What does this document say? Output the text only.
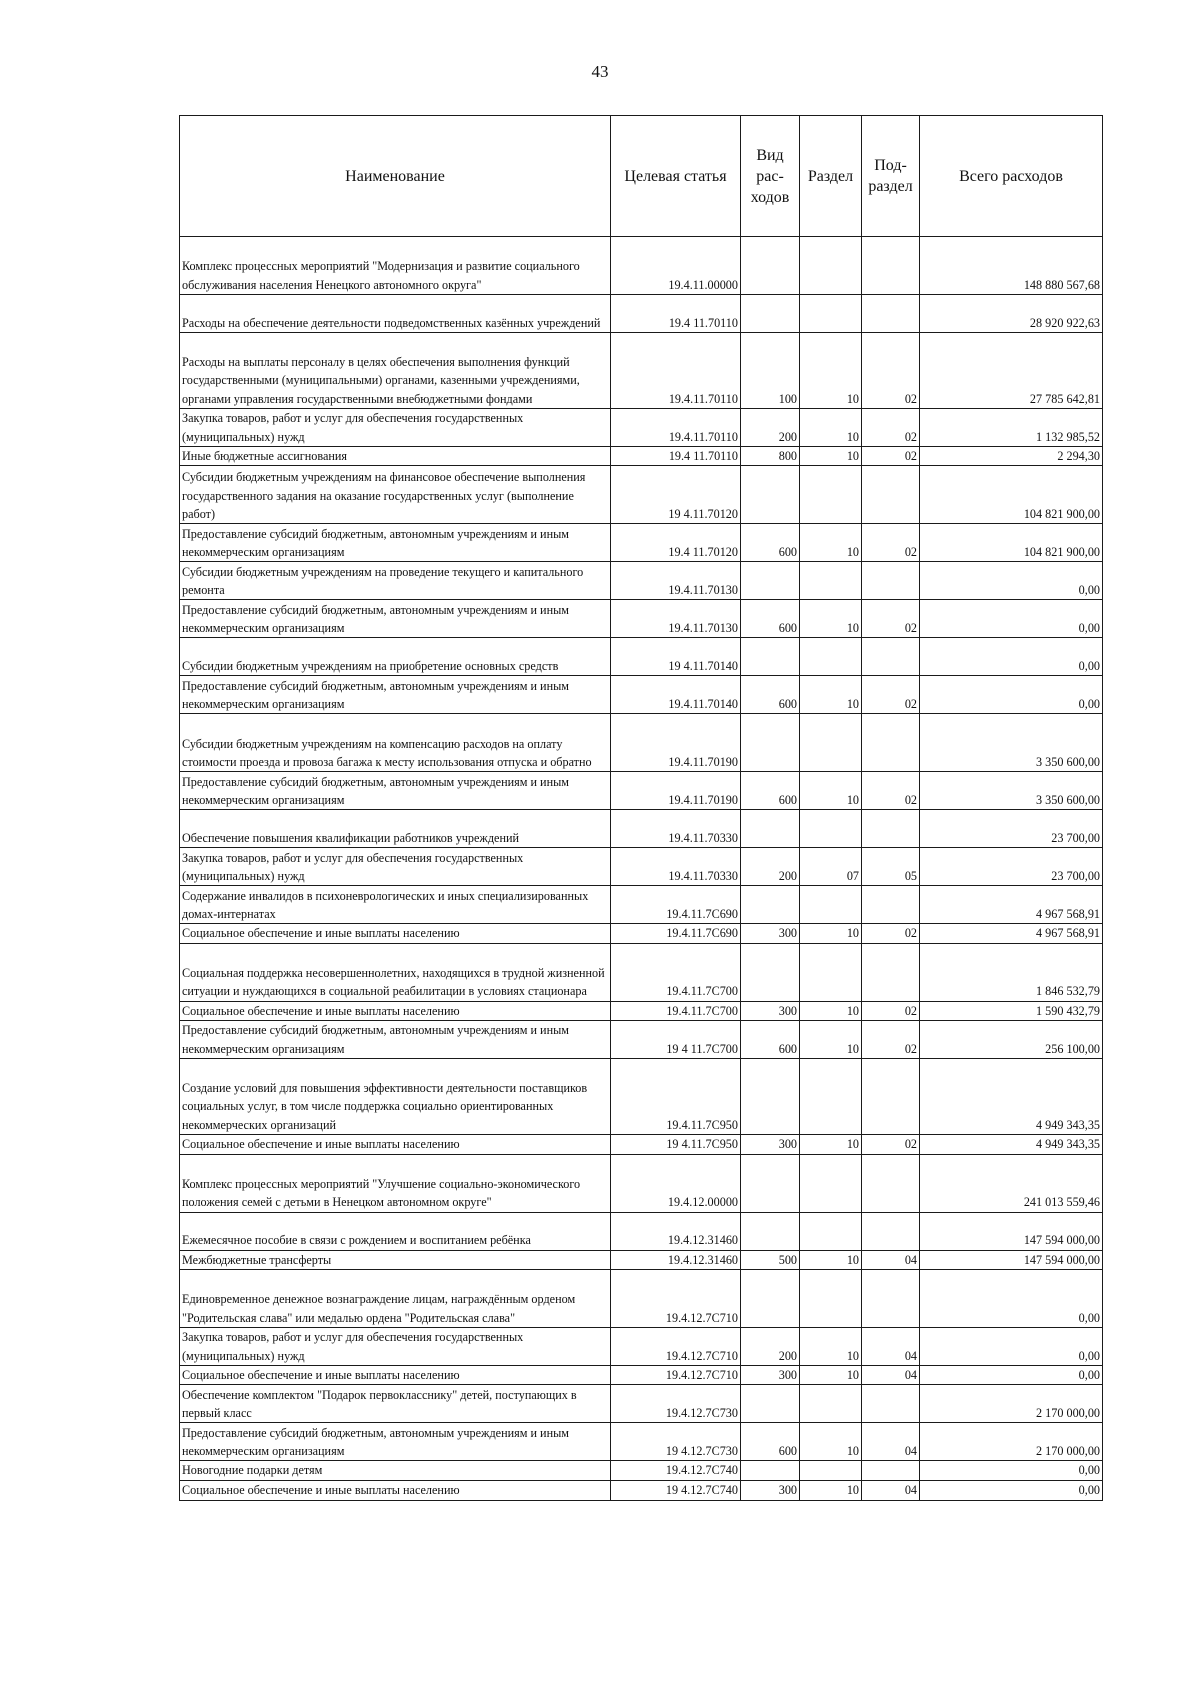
43
Наименование	Целевая статья	Вид рас- ходов	Раздел	Под- раздел	Всего расходов
Комплекс процессных мероприятий "Модернизация и развитие социального обслуживания населения Ненецкого автономного округа"	19.4.11.00000				148 880 567,68
Расходы на обеспечение деятельности подведомственных казённых учреждений	19.4 11.70110				28 920 922,63
Расходы на выплаты персоналу в целях обеспечения выполнения функций государственными (муниципальными) органами, казенными учреждениями, органами управления государственными внебюджетными фондами	19.4.11.70110	100	10	02	27 785 642,81
Закупка товаров, работ и услуг для обеспечения государственных (муниципальных) нужд	19.4.11.70110	200	10	02	1 132 985,52
Иные бюджетные ассигнования	19.4 11.70110	800	10	02	2 294,30
Субсидии бюджетным учреждениям на финансовое обеспечение выполнения государственного задания на оказание государственных услуг (выполнение работ)	19 4.11.70120				104 821 900,00
Предоставление субсидий бюджетным, автономным учреждениям и иным некоммерческим организациям	19.4 11.70120	600	10	02	104 821 900,00
Субсидии бюджетным учреждениям на проведение текущего и капитального ремонта	19.4.11.70130				0,00
Предоставление субсидий бюджетным, автономным учреждениям и иным некоммерческим организациям	19.4.11.70130	600	10	02	0,00
Субсидии бюджетным учреждениям на приобретение основных средств	19 4.11.70140				0,00
Предоставление субсидий бюджетным, автономным учреждениям и иным некоммерческим организациям	19.4.11.70140	600	10	02	0,00
Субсидии бюджетным учреждениям на компенсацию расходов на оплату стоимости проезда и провоза багажа к месту использования отпуска и обратно	19.4.11.70190				3 350 600,00
Предоставление субсидий бюджетным, автономным учреждениям и иным некоммерческим организациям	19.4.11.70190	600	10	02	3 350 600,00
Обеспечение повышения квалификации работников учреждений	19.4.11.70330				23 700,00
Закупка товаров, работ и услуг для обеспечения государственных (муниципальных) нужд	19.4.11.70330	200	07	05	23 700,00
Содержание инвалидов в психоневрологических и иных специализированных домах-интернатах	19.4.11.7С690				4 967 568,91
Социальное обеспечение и иные выплаты населению	19.4.11.7С690	300	10	02	4 967 568,91
Социальная поддержка несовершеннолетних, находящихся в трудной жизненной ситуации и нуждающихся в социальной реабилитации в условиях стационара	19.4.11.7С700				1 846 532,79
Социальное обеспечение и иные выплаты населению	19.4.11.7С700	300	10	02	1 590 432,79
Предоставление субсидий бюджетным, автономным учреждениям и иным некоммерческим организациям	19 4 11.7С700	600	10	02	256 100,00
Создание условий для повышения эффективности деятельности поставщиков социальных услуг, в том числе поддержка социально ориентированных некоммерческих организаций	19.4.11.7С950				4 949 343,35
Социальное обеспечение и иные выплаты населению	19 4.11.7С950	300	10	02	4 949 343,35
Комплекс процессных мероприятий "Улучшение социально-экономического положения семей с детьми в Ненецком автономном округе"	19.4.12.00000				241 013 559,46
Ежемесячное пособие в связи с рождением и воспитанием ребёнка	19.4.12.31460				147 594 000,00
Межбюджетные трансферты	19.4.12.31460	500	10	04	147 594 000,00
Единовременное денежное вознаграждение лицам, награждённым орденом "Родительская слава" или медалью ордена "Родительская слава"	19.4.12.7С710				0,00
Закупка товаров, работ и услуг для обеспечения государственных (муниципальных) нужд	19.4.12.7С710	200	10	04	0,00
Социальное обеспечение и иные выплаты населению	19.4.12.7С710	300	10	04	0,00
Обеспечение комплектом "Подарок первокласснику" детей, поступающих в первый класс	19.4.12.7С730				2 170 000,00
Предоставление субсидий бюджетным, автономным учреждениям и иным некоммерческим организациям	19 4.12.7С730	600	10	04	2 170 000,00
Новогодние подарки детям	19.4.12.7С740				0,00
Социальное обеспечение и иные выплаты населению	19 4.12.7С740	300	10	04	0,00
